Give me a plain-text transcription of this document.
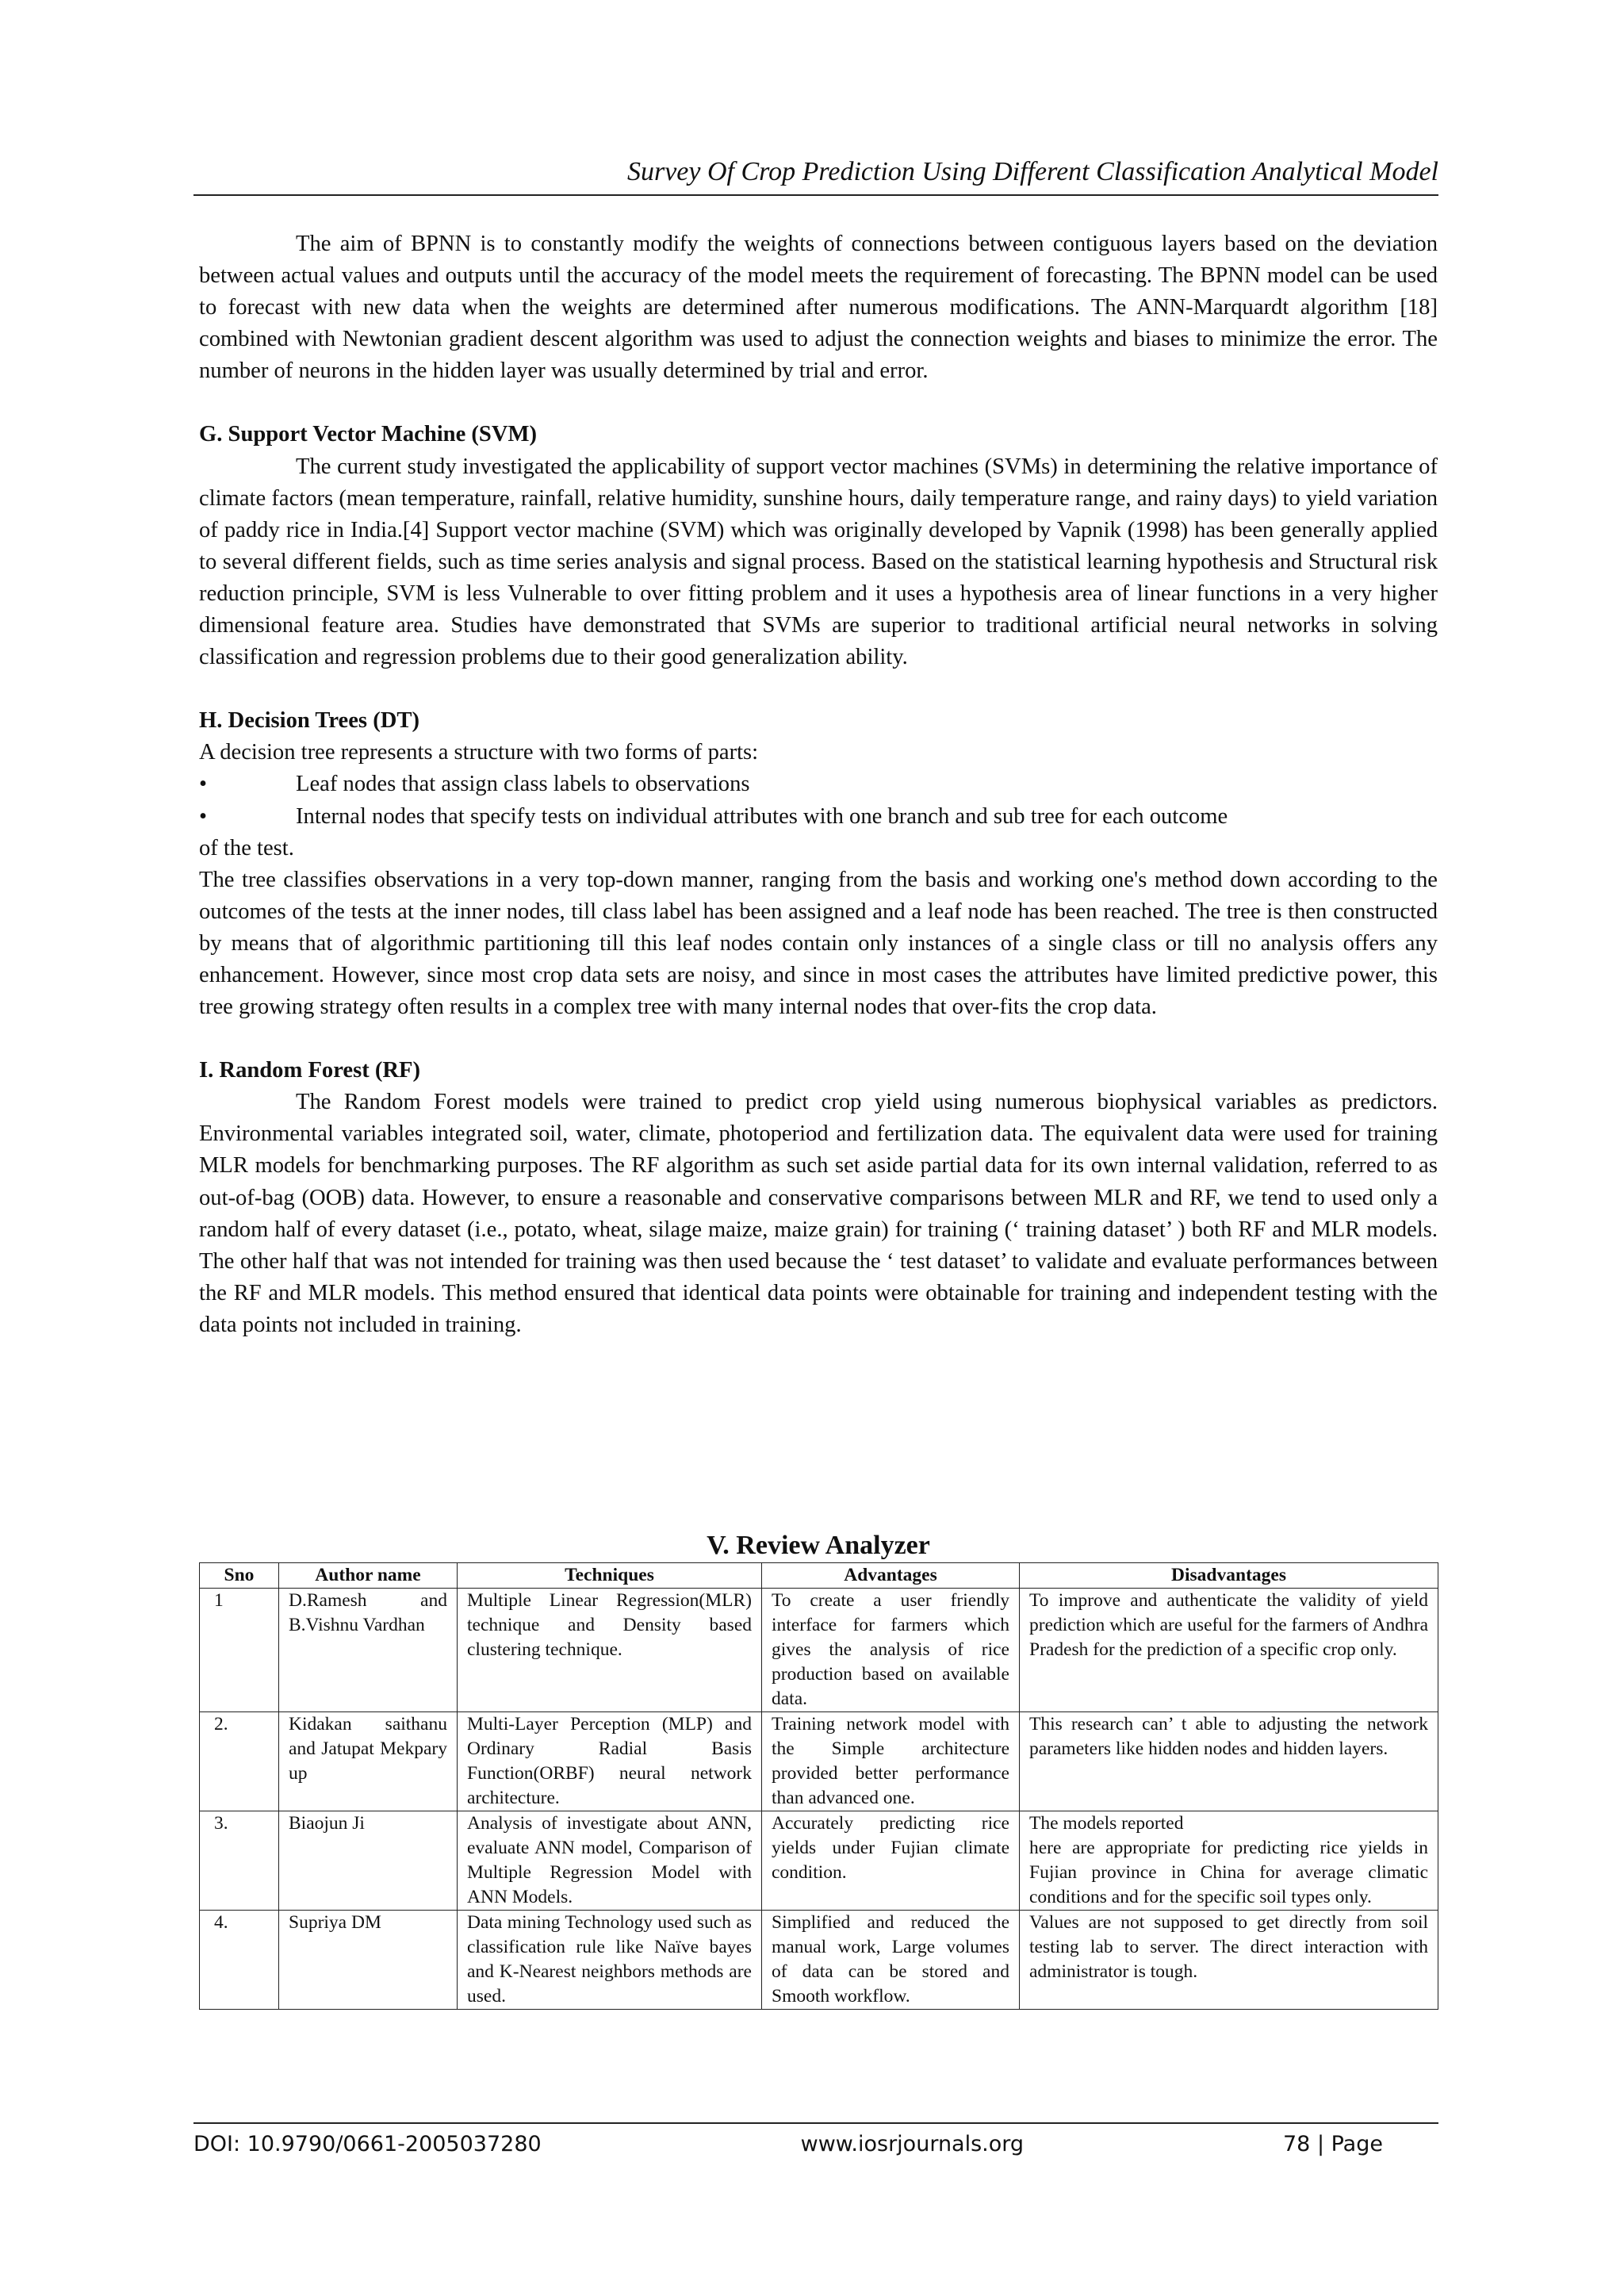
Survey Of Crop Prediction Using Different Classification Analytical Model

The aim of BPNN is to constantly modify the weights of connections between contiguous layers based on the deviation between actual values and outputs until the accuracy of the model meets the requirement of forecasting. The BPNN model can be used to forecast with new data when the weights are determined after numerous modifications. The ANN-Marquardt algorithm [18] combined with Newtonian gradient descent algorithm was used to adjust the connection weights and biases to minimize the error. The number of neurons in the hidden layer was usually determined by trial and error.

G. Support Vector Machine (SVM)

The current study investigated the applicability of support vector machines (SVMs) in determining the relative importance of climate factors (mean temperature, rainfall, relative humidity, sunshine hours, daily temperature range, and rainy days) to yield variation of paddy rice in India.[4] Support vector machine (SVM) which was originally developed by Vapnik (1998) has been generally applied to several different fields, such as time series analysis and signal process. Based on the statistical learning hypothesis and Structural risk reduction principle, SVM is less Vulnerable to over fitting problem and it uses a hypothesis area of linear functions in a very higher dimensional feature area. Studies have demonstrated that SVMs are superior to traditional artificial neural networks in solving classification and regression problems due to their good generalization ability.

H. Decision Trees (DT)

A decision tree represents a structure with two forms of parts:

•	Leaf nodes that assign class labels to observations
•	Internal nodes that specify tests on individual attributes with one branch and sub tree for each outcome

of the test.

The tree classifies observations in a very top-down manner, ranging from the basis and working one's method down according to the outcomes of the tests at the inner nodes, till class label has been assigned and a leaf node has been reached. The tree is then constructed by means that of algorithmic partitioning till this leaf nodes contain only instances of a single class or till no analysis offers any enhancement. However, since most crop data sets are noisy, and since in most cases the attributes have limited predictive power, this tree growing strategy often results in a complex tree with many internal nodes that over-fits the crop data.

I. Random Forest (RF)

The Random Forest models were trained to predict crop yield using numerous biophysical variables as predictors. Environmental variables integrated soil, water, climate, photoperiod and fertilization data. The equivalent data were used for training MLR models for benchmarking purposes. The RF algorithm as such set aside partial data for its own internal validation, referred to as out-of-bag (OOB) data. However, to ensure a reasonable and conservative comparisons between MLR and RF, we tend to used only a random half of every dataset (i.e., potato, wheat, silage maize, maize grain) for training (‘ training dataset’ ) both RF and MLR models. The other half that was not intended for training was then used because the ‘ test dataset’ to validate and evaluate performances between the RF and MLR models. This method ensured that identical data points were obtainable for training and independent testing with the data points not included in training.

V. Review Analyzer
Sno	Author name	Techniques	Advantages	Disadvantages
1	D.Ramesh and B.Vishnu Vardhan	Multiple Linear Regression(MLR) technique and Density based clustering technique.	To create a user friendly interface for farmers which gives the analysis of rice production based on available data.	To improve and authenticate the validity of yield prediction which are useful for the farmers of Andhra Pradesh for the prediction of a specific crop only.
2.	Kidakan saithanu and Jatupat Mekpary up	Multi-Layer Perception (MLP) and Ordinary Radial Basis Function(ORBF) neural network architecture.	Training network model with the Simple architecture provided better performance than advanced one.	This research can’ t able to adjusting the network parameters like hidden nodes and hidden layers.
3.	Biaojun Ji	Analysis of investigate about ANN, evaluate ANN model, Comparison of Multiple Regression Model with ANN Models.	Accurately predicting rice yields under Fujian climate condition.	The models reported
here are appropriate for predicting rice yields in Fujian province in China for average climatic conditions and for the specific soil types only.

4.	Supriya DM	Data mining Technology used such as classification rule like Naïve bayes and K-Nearest neighbors methods are used.	Simplified and reduced the manual work, Large volumes of data can be stored and Smooth workflow.	Values are not supposed to get directly from soil testing lab to server. The direct interaction with administrator is tough.
DOI: 10.9790/0661-2005037280	www.iosrjournals.org	78 | Page
